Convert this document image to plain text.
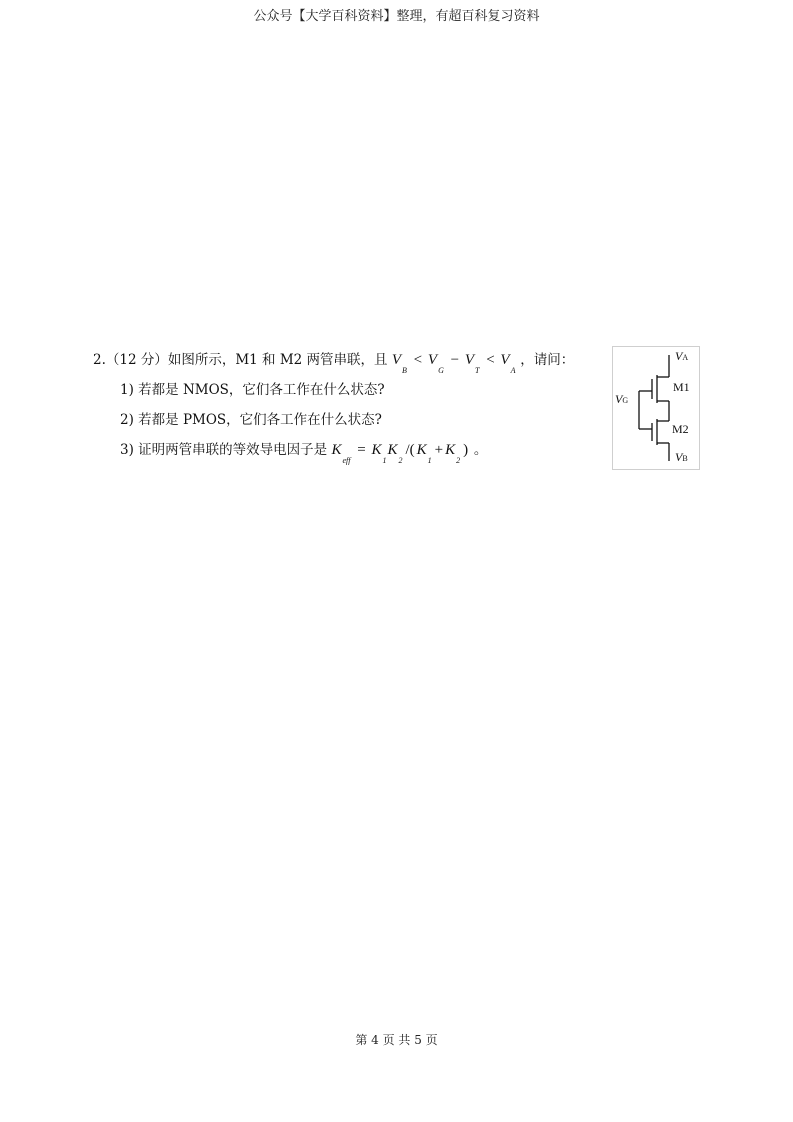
公众号【大学百科资料】整理，有超百科复习资料
2.（12 分）如图所示，M1 和 M2 两管串联，且 $V_B < V_G - V_T < V_A$ ，请问：
1) 若都是 NMOS，它们各工作在什么状态?
2) 若都是 PMOS，它们各工作在什么状态?
3) 证明两管串联的等效导电因子是 $K_{eff} = K_1K_2/$( $K_1+ K_2$) 。
VA
VG
M1
M2
VB
第 4 页 共 5 页
